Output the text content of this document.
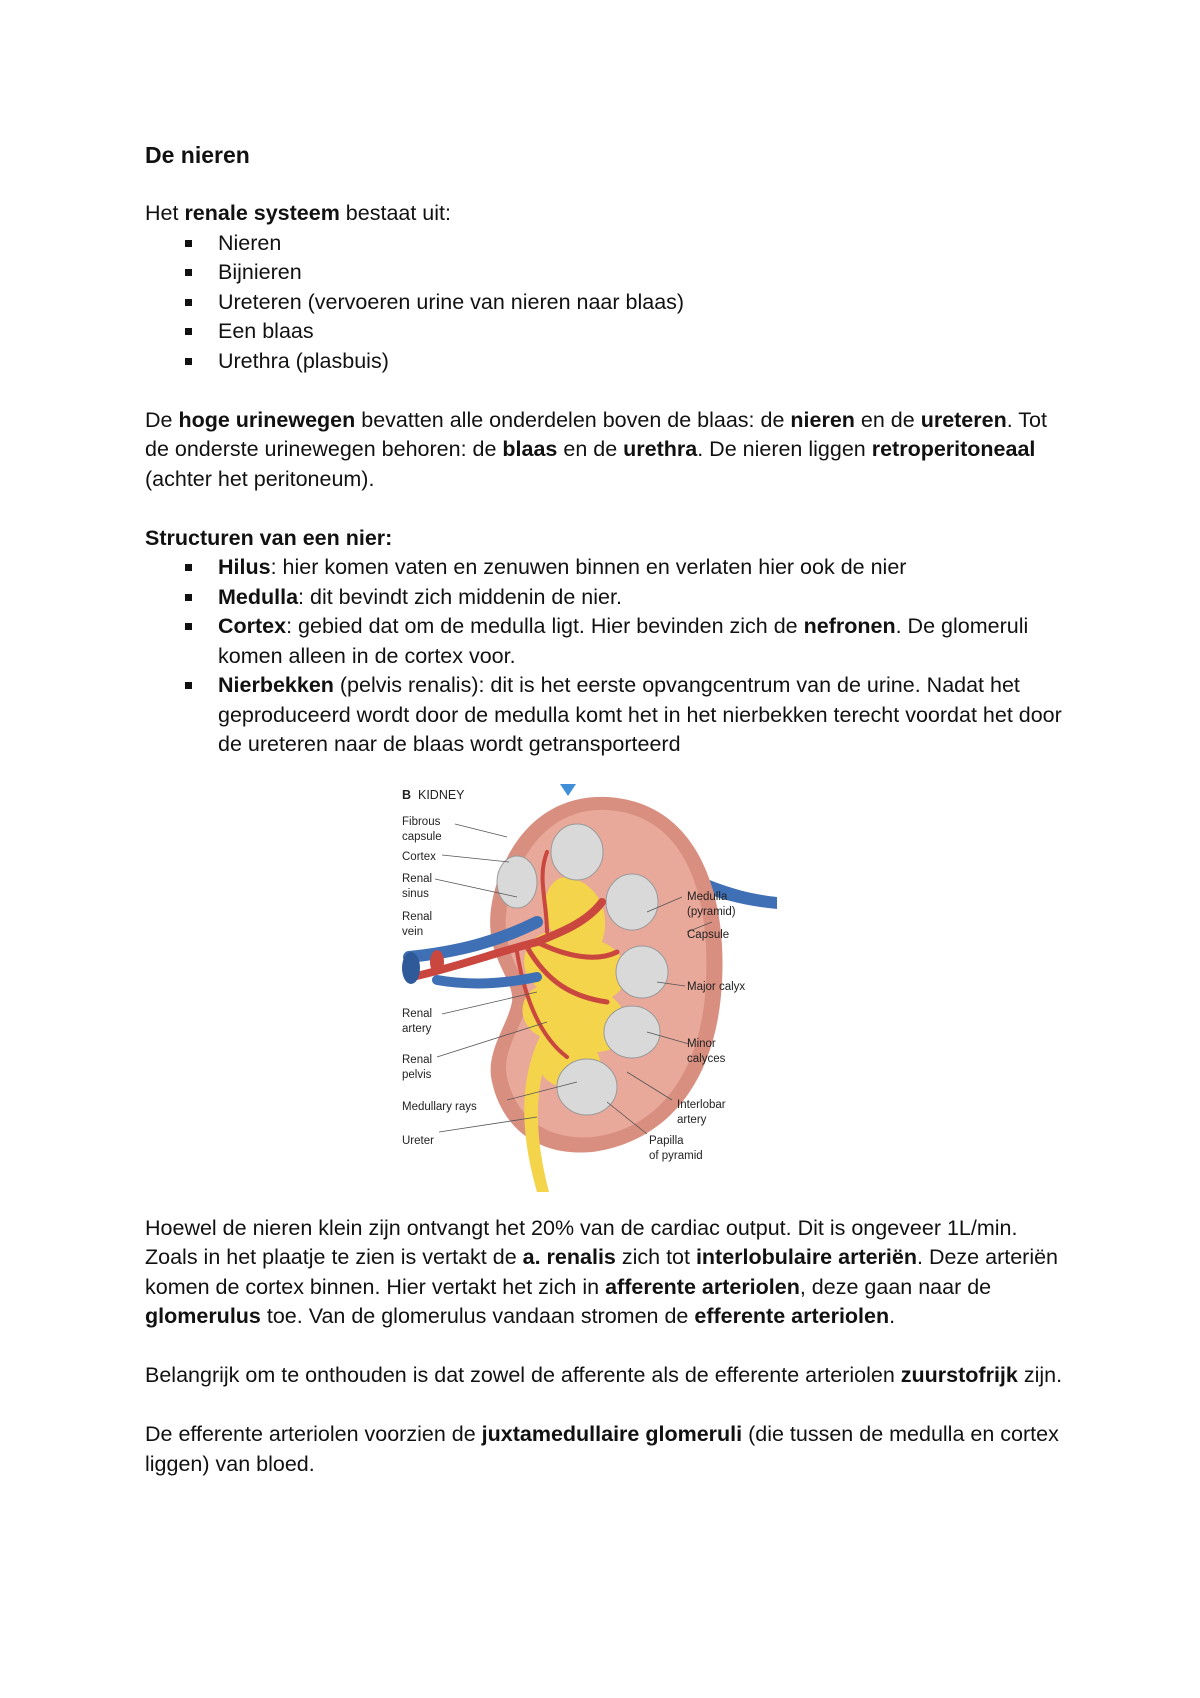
De nieren

Het renale systeem bestaat uit:

Nieren
Bijnieren
Ureteren (vervoeren urine van nieren naar blaas)
Een blaas
Urethra (plasbuis)

De hoge urinewegen bevatten alle onderdelen boven de blaas: de nieren en de ureteren. Tot de onderste urinewegen behoren: de blaas en de urethra. De nieren liggen retroperitoneaal (achter het peritoneum).

Structuren van een nier:

Hilus: hier komen vaten en zenuwen binnen en verlaten hier ook de nier
Medulla: dit bevindt zich middenin de nier.
Cortex: gebied dat om de medulla ligt. Hier bevinden zich de nefronen. De glomeruli komen alleen in de cortex voor.
Nierbekken (pelvis renalis): dit is het eerste opvangcentrum van de urine. Nadat het geproduceerd wordt door de medulla komt het in het nierbekken terecht voordat het door de ureteren naar de blaas wordt getransporteerd
B KIDNEY
Fibrous
capsule
Cortex
Renal
sinus
Renal
vein
Renal
artery
Renal
pelvis
Medullary rays
Ureter
Medulla
(pyramid)
Capsule
Major calyx
Minor
calyces
Interlobar
artery
Papilla
of pyramid

Hoewel de nieren klein zijn ontvangt het 20% van de cardiac output. Dit is ongeveer 1L/min. Zoals in het plaatje te zien is vertakt de a. renalis zich tot interlobulaire arteriën. Deze arteriën komen de cortex binnen. Hier vertakt het zich in afferente arteriolen, deze gaan naar de glomerulus toe. Van de glomerulus vandaan stromen de efferente arteriolen.

Belangrijk om te onthouden is dat zowel de afferente als de efferente arteriolen zuurstofrijk zijn.

De efferente arteriolen voorzien de juxtamedullaire glomeruli (die tussen de medulla en cortex liggen) van bloed.
